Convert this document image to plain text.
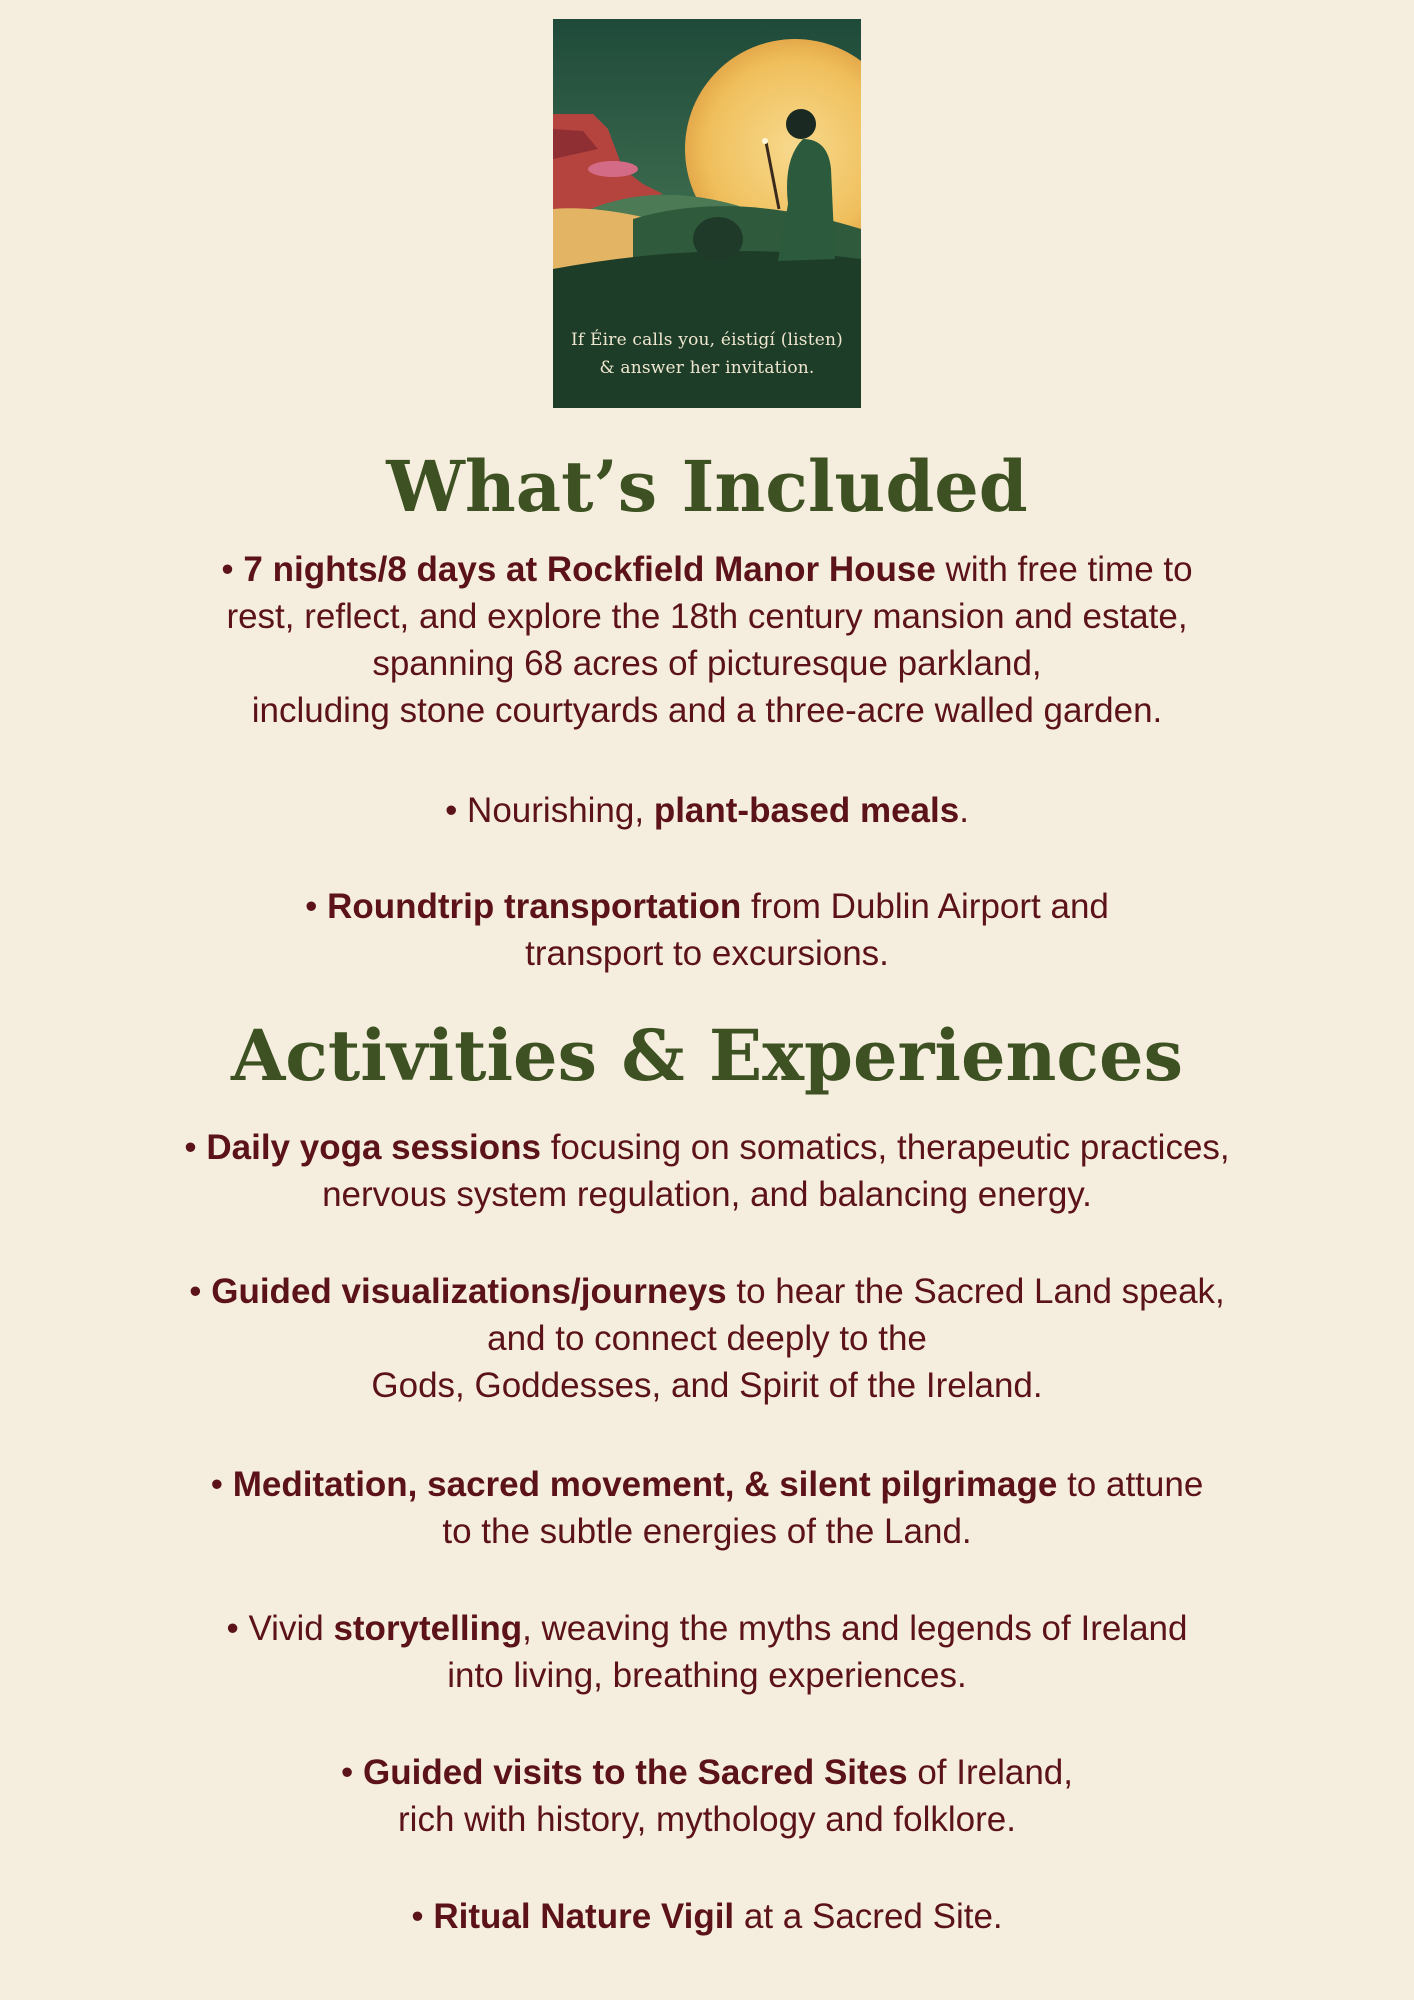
If Éire calls you, éistigí (listen)
& answer her invitation.
What’s Included
• 7 nights/8 days at Rockfield Manor House with free time to
rest, reflect, and explore the 18th century mansion and estate,
spanning 68 acres of picturesque parkland,
including stone courtyards and a three-acre walled garden.
• Nourishing, plant-based meals.
• Roundtrip transportation from Dublin Airport and
transport to excursions.
Activities & Experiences
• Daily yoga sessions focusing on somatics, therapeutic practices,
nervous system regulation, and balancing energy.
• Guided visualizations/journeys to hear the Sacred Land speak,
and to connect deeply to the
Gods, Goddesses, and Spirit of the Ireland.
• Meditation, sacred movement, & silent pilgrimage to attune
to the subtle energies of the Land.
• Vivid storytelling, weaving the myths and legends of Ireland
into living, breathing experiences.
• Guided visits to the Sacred Sites of Ireland,
rich with history, mythology and folklore.
• Ritual Nature Vigil at a Sacred Site.
